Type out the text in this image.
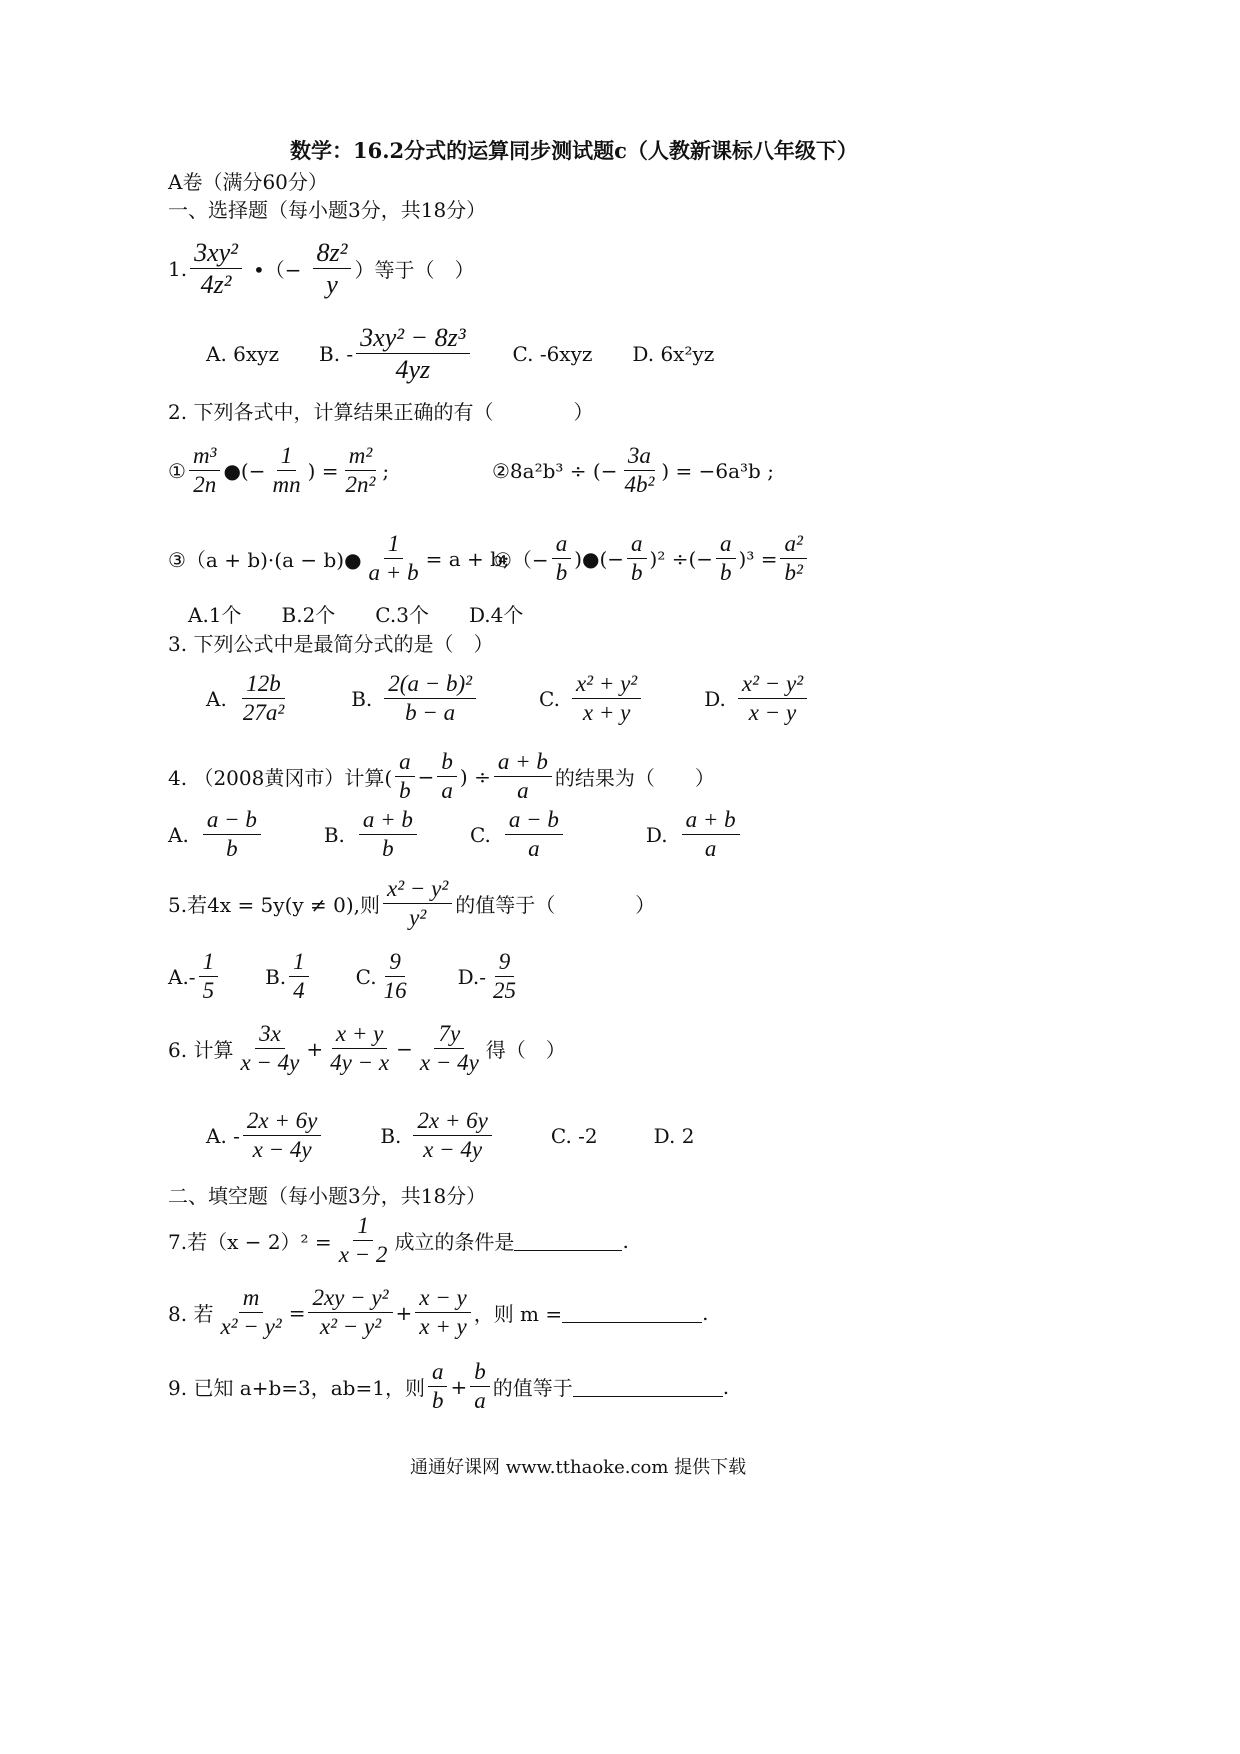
数学：16.2分式的运算同步测试题c（人教新课标八年级下）
A卷（满分60分）
一、选择题（每小题3分，共18分）
1. $\frac{\text{3xy²}}{\text{4z²}}$ •（− $\frac{\text{8z²}}{y}$ ）等于（　）
A. 6xyz B. - $\frac{\text{3xy² − 8z³}}{4yz} C$. -6xyz D. 6x²yz
2. 下列各式中，计算结果正确的有（　　　　）
① $\frac{\text{m³}}{2n}$ ●(− $\frac{1}{mn}$ ) = $\frac{\text{m²}}{\text{2n²}}$ ;	②8a²b³ ÷ (− $\frac{3a}{\text{4b²}}$ ) = −6a³b ;
③（a + b)·(a − b)● $\frac{1}{a + b} = a + b$;
④（− $\frac{a}{b}$ )●(− $\frac{a}{b} )^2$ ÷(− $\frac{a}{b} )^3 = \frac{\text{a²}}{\text{b²}}$
A.1个　　B.2个　　C.3个　　D.4个
3. 下列公式中是最简分式的是（　）
A. $\frac{12b}{\text{27a²}}$	B. $\frac{\text{2(a − b)²}}{b - a}$	C. $\frac{\text{x² + y²}}{x + y}$	D. $\frac{\text{x² − y²}}{x - y}$
4. （2008黄冈市）计算( $\frac{a}{b} - \frac{b}{a}$ ) ÷ $\frac{a + b}{a}$ 的结果为（　　）
A. $\frac{a - b}{b}$	B. $\frac{a + b}{b}$	C. $\frac{a - b}{a}$	D. $\frac{a + b}{a}$
5.若4x = 5y(y ≠ 0),则 $\frac{\text{x² − y²}}{\text{y²}}$ 的值等于（　　　　）
$A.- \frac{1}{5} B$. $\frac{1}{4} C$. $\frac{9}{16} D.- \frac{9}{25}$
6. 计算 $\frac{3x}{x - 4y} + \frac{x + y}{4y - x} - \frac{7y}{x - 4y}$ 得（　）
A. - $\frac{2x + 6y}{x - 4y}$	B. $\frac{2x + 6y}{x - 4y}$	C. -2	D. 2
二、填空题（每小题3分，共18分）
7.若$(x - 2)^2 = \frac{1}{x - 2}$ 成立的条件是	.
8. 若 $\frac{m}{\text{x² − y²}} = \frac{\text{2xy − y²}}{\text{x² − y²}} + \frac{x - y}{x + y}$ ，则 m =	.
9. 已知 a+b=3，ab=1，则 $\frac{a}{b} + \frac{b}{a}$ 的值等于	.
通通好课网 www.tthaoke.com 提供下载
